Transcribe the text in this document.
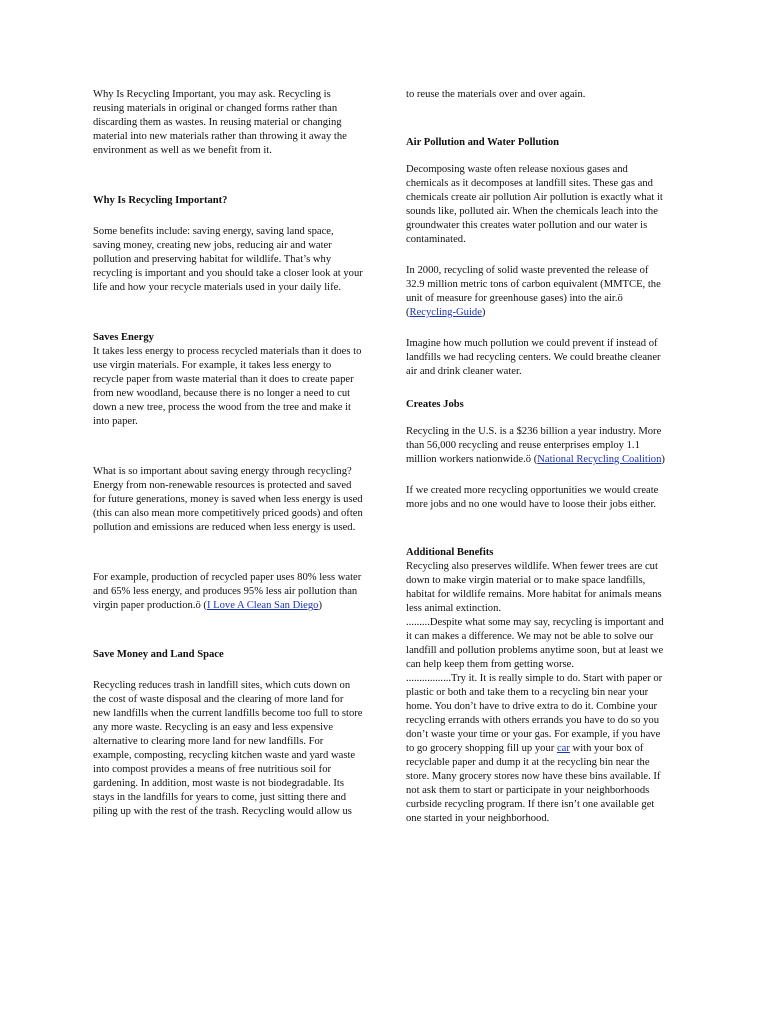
Why Is Recycling Important, you may ask. Recycling is reusing materials in original or changed forms rather than discarding them as wastes. In reusing material or changing material into new materials rather than throwing it away the environment as well as we benefit from it.

Why Is Recycling Important?

Some benefits include: saving energy, saving land space, saving money, creating new jobs, reducing air and water pollution and preserving habitat for wildlife. That’s why recycling is important and you should take a closer look at your life and how your recycle materials used in your daily life.

Saves Energy

It takes less energy to process recycled materials than it does to use virgin materials. For example, it takes less energy to recycle paper from waste material than it does to create paper from new woodland, because there is no longer a need to cut down a new tree, process the wood from the tree and make it into paper.

What is so important about saving energy through recycling? Energy from non-renewable resources is protected and saved for future generations, money is saved when less energy is used (this can also mean more competitively priced goods) and often pollution and emissions are reduced when less energy is used.

For example, production of recycled paper uses 80% less water and 65% less energy, and produces 95% less air pollution than virgin paper production.ö (I Love A Clean San Diego)

Save Money and Land Space

Recycling reduces trash in landfill sites, which cuts down on the cost of waste disposal and the clearing of more land for new landfills when the current landfills become too full to store any more waste. Recycling is an easy and less expensive alternative to clearing more land for new landfills. For example, composting, recycling kitchen waste and yard waste into compost provides a means of free nutritious soil for gardening. In addition, most waste is not biodegradable. Its stays in the landfills for years to come, just sitting there and piling up with the rest of the trash. Recycling would allow us

to reuse the materials over and over again.

Air Pollution and Water Pollution

Decomposing waste often release noxious gases and chemicals as it decomposes at landfill sites. These gas and chemicals create air pollution Air pollution is exactly what it sounds like, polluted air. When the chemicals leach into the groundwater this creates water pollution and our water is contaminated.

In 2000, recycling of solid waste prevented the release of 32.9 million metric tons of carbon equivalent (MMTCE, the unit of measure for greenhouse gases) into the air.ö (Recycling-Guide)

Imagine how much pollution we could prevent if instead of landfills we had recycling centers. We could breathe cleaner air and drink cleaner water.

Creates Jobs

Recycling in the U.S. is a $236 billion a year industry. More than 56,000 recycling and reuse enterprises employ 1.1 million workers nationwide.ö (National Recycling Coalition)

If we created more recycling opportunities we would create more jobs and no one would have to loose their jobs either.

Additional Benefits

Recycling also preserves wildlife. When fewer trees are cut down to make virgin material or to make space landfills, habitat for wildlife remains. More habitat for animals means less animal extinction.

.........Despite what some may say, recycling is important and it can makes a difference. We may not be able to solve our landfill and pollution problems anytime soon, but at least we can help keep them from getting worse.

.................Try it. It is really simple to do. Start with paper or plastic or both and take them to a recycling bin near your home. You don’t have to drive extra to do it. Combine your recycling errands with others errands you have to do so you don’t waste your time or your gas. For example, if you have to go grocery shopping fill up your car with your box of recyclable paper and dump it at the recycling bin near the store. Many grocery stores now have these bins available. If not ask them to start or participate in your neighborhoods curbside recycling program. If there isn’t one available get one started in your neighborhood.
